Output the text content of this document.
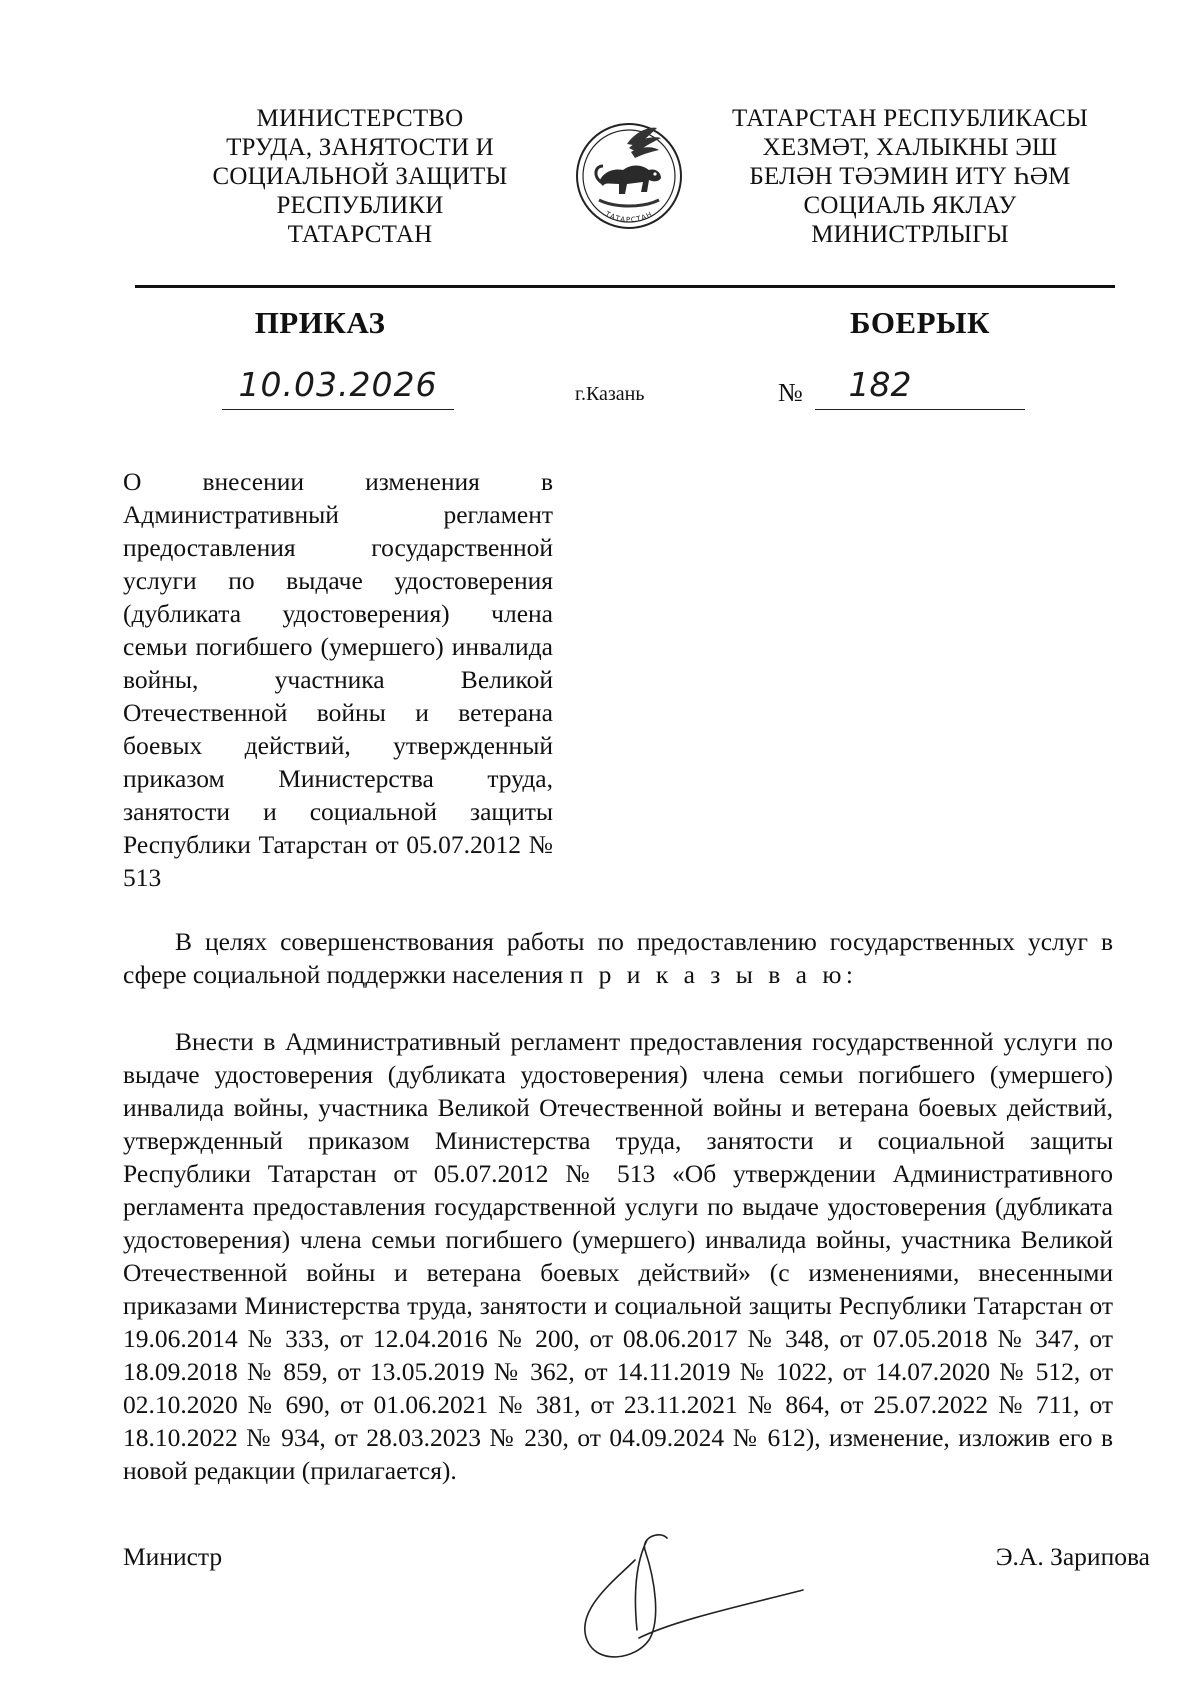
МИНИСТЕРСТВО
ТРУДА, ЗАНЯТОСТИ И
СОЦИАЛЬНОЙ ЗАЩИТЫ
РЕСПУБЛИКИ
ТАТАРСТАН
ТАТАРСТАН
ТАТАРСТАН РЕСПУБЛИКАСЫ
ХЕЗМӘТ, ХАЛЫКНЫ ЭШ
БЕЛӘН ТӘЭМИН ИТҮ ҺӘМ
СОЦИАЛЬ ЯКЛАУ
МИНИСТРЛЫГЫ
ПРИКАЗ	БОЕРЫК
10.03.2026	г.Казань	№	182
О внесении изменения в Административный регламент предоставления государственной услуги по выдаче удостоверения (дубликата удостоверения) члена семьи погибшего (умершего) инвалида войны, участника Великой Отечественной войны и ветерана боевых действий, утвержденный приказом Министерства труда, занятости и социальной защиты Республики Татарстан от 05.07.2012 № 513

В целях совершенствования работы по предоставлению государственных услуг в сфере социальной поддержки населения п р и к а з ы в а ю:

Внести в Административный регламент предоставления государственной услуги по выдаче удостоверения (дубликата удостоверения) члена семьи погибшего (умершего) инвалида войны, участника Великой Отечественной войны и ветерана боевых действий, утвержденный приказом Министерства труда, занятости и социальной защиты Республики Татарстан от 05.07.2012 № 513 «Об утверждении Административного регламента предоставления государственной услуги по выдаче удостоверения (дубликата удостоверения) члена семьи погибшего (умершего) инвалида войны, участника Великой Отечественной войны и ветерана боевых действий» (с изменениями, внесенными приказами Министерства труда, занятости и социальной защиты Республики Татарстан от 19.06.2014 № 333, от 12.04.2016 № 200, от 08.06.2017 № 348, от 07.05.2018 № 347, от 18.09.2018 № 859, от 13.05.2019 № 362, от 14.11.2019 № 1022, от 14.07.2020 № 512, от 02.10.2020 № 690, от 01.06.2021 № 381, от 23.11.2021 № 864, от 25.07.2022 № 711, от 18.10.2022 № 934, от 28.03.2023 № 230, от 04.09.2024 № 612), изменение, изложив его в новой редакции (прилагается).

Министр	Э.А. Зарипова
